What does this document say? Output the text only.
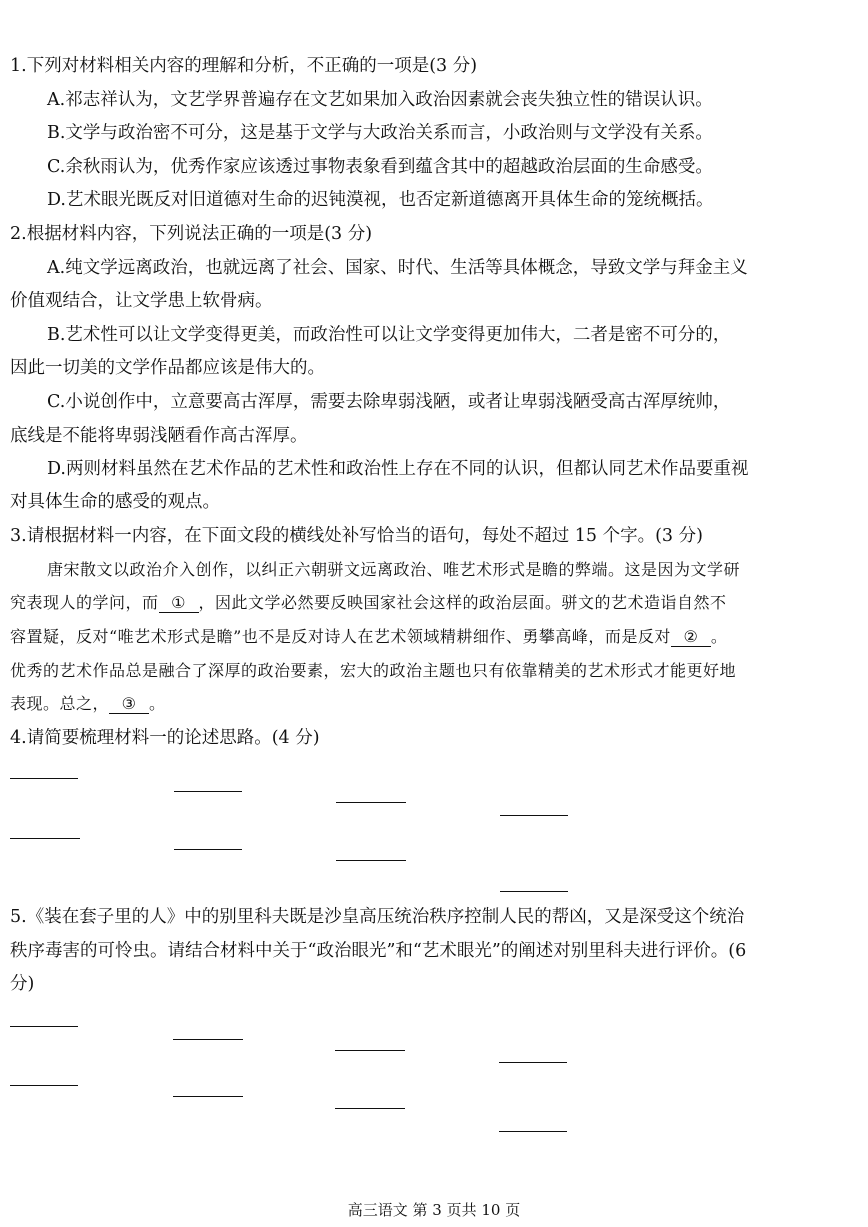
1.下列对材料相关内容的理解和分析，不正确的一项是(3 分)
A.祁志祥认为，文艺学界普遍存在文艺如果加入政治因素就会丧失独立性的错误认识。
B.文学与政治密不可分，这是基于文学与大政治关系而言，小政治则与文学没有关系。
C.余秋雨认为，优秀作家应该透过事物表象看到蕴含其中的超越政治层面的生命感受。
D.艺术眼光既反对旧道德对生命的迟钝漠视，也否定新道德离开具体生命的笼统概括。
2.根据材料内容，下列说法正确的一项是(3 分)
A.纯文学远离政治，也就远离了社会、国家、时代、生活等具体概念，导致文学与拜金主义
价值观结合，让文学患上软骨病。
B.艺术性可以让文学变得更美，而政治性可以让文学变得更加伟大，二者是密不可分的，
因此一切美的文学作品都应该是伟大的。
C.小说创作中，立意要高古浑厚，需要去除卑弱浅陋，或者让卑弱浅陋受高古浑厚统帅，
底线是不能将卑弱浅陋看作高古浑厚。
D.两则材料虽然在艺术作品的艺术性和政治性上存在不同的认识，但都认同艺术作品要重视
对具体生命的感受的观点。
3.请根据材料一内容，在下面文段的横线处补写恰当的语句，每处不超过 15 个字。(3 分)
唐宋散文以政治介入创作，以纠正六朝骈文远离政治、唯艺术形式是瞻的弊端。这是因为文学研
究表现人的学问，而 ① ，因此文学必然要反映国家社会这样的政治层面。骈文的艺术造诣自然不
容置疑，反对“唯艺术形式是瞻”也不是反对诗人在艺术领域精耕细作、勇攀高峰，而是反对 ② 。
优秀的艺术作品总是融合了深厚的政治要素，宏大的政治主题也只有依靠精美的艺术形式才能更好地
表现。总之， ③ 。
4.请简要梳理材料一的论述思路。(4 分)
5.《装在套子里的人》中的别里科夫既是沙皇高压统治秩序控制人民的帮凶，又是深受这个统治
秩序毒害的可怜虫。请结合材料中关于“政治眼光”和“艺术眼光”的阐述对别里科夫进行评价。(6
分)
高三语文 第 3 页共 10 页
